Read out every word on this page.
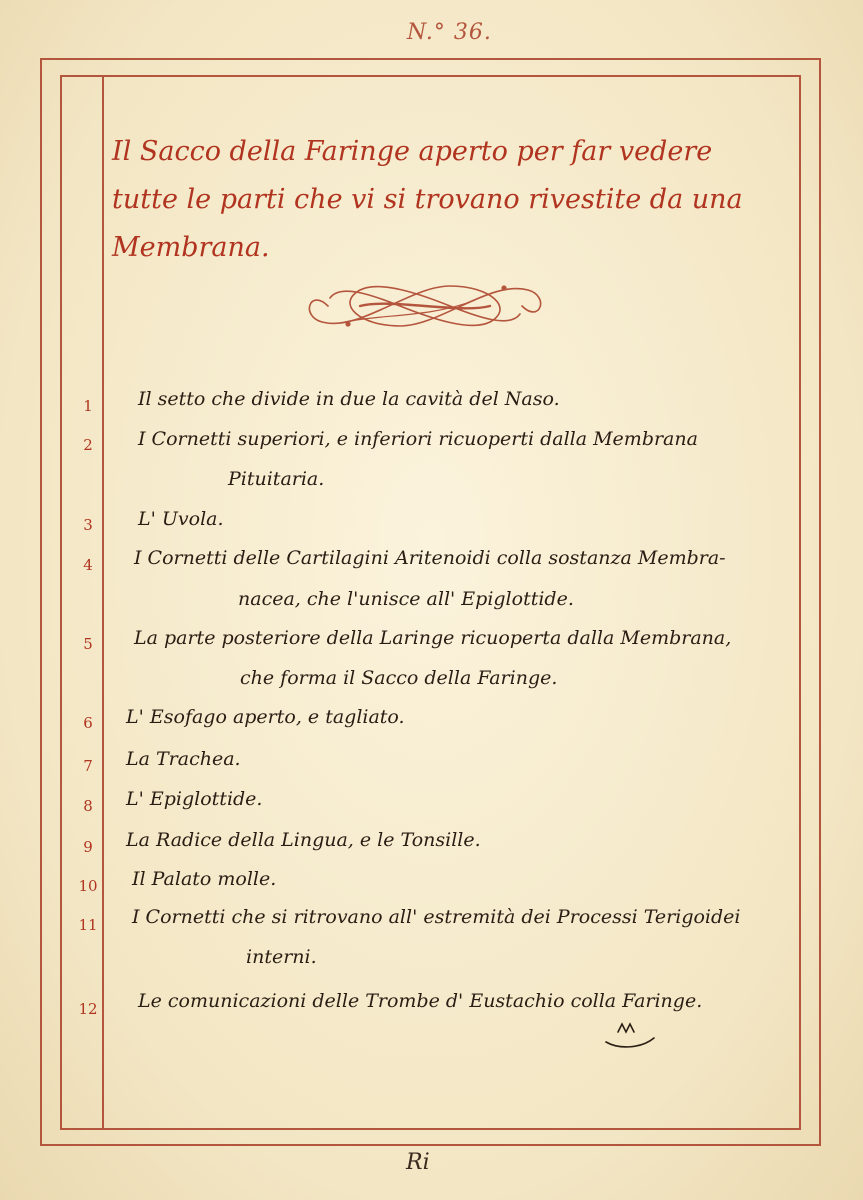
N.° 36.
Il Sacco della Faringe aperto per far vedere tutte le parti che vi si trovano rivestite da una Membrana.
1	Il setto che divide in due la cavità del Naso.
2	I Cornetti superiori, e inferiori ricuoperti dalla Membrana
Pituitaria.
3	L' Uvola.
4	I Cornetti delle Cartilagini Aritenoidi colla sostanza Membra-
nacea, che l'unisce all' Epiglottide.
5	La parte posteriore della Laringe ricuoperta dalla Membrana,
che forma il Sacco della Faringe.
6	L' Esofago aperto, e tagliato.
7	La Trachea.
8	L' Epiglottide.
9	La Radice della Lingua, e le Tonsille.
10	Il Palato molle.
11	I Cornetti che si ritrovano all' estremità dei Processi Terigoidei
interni.
12	Le comunicazioni delle Trombe d' Eustachio colla Faringe.
Ri
